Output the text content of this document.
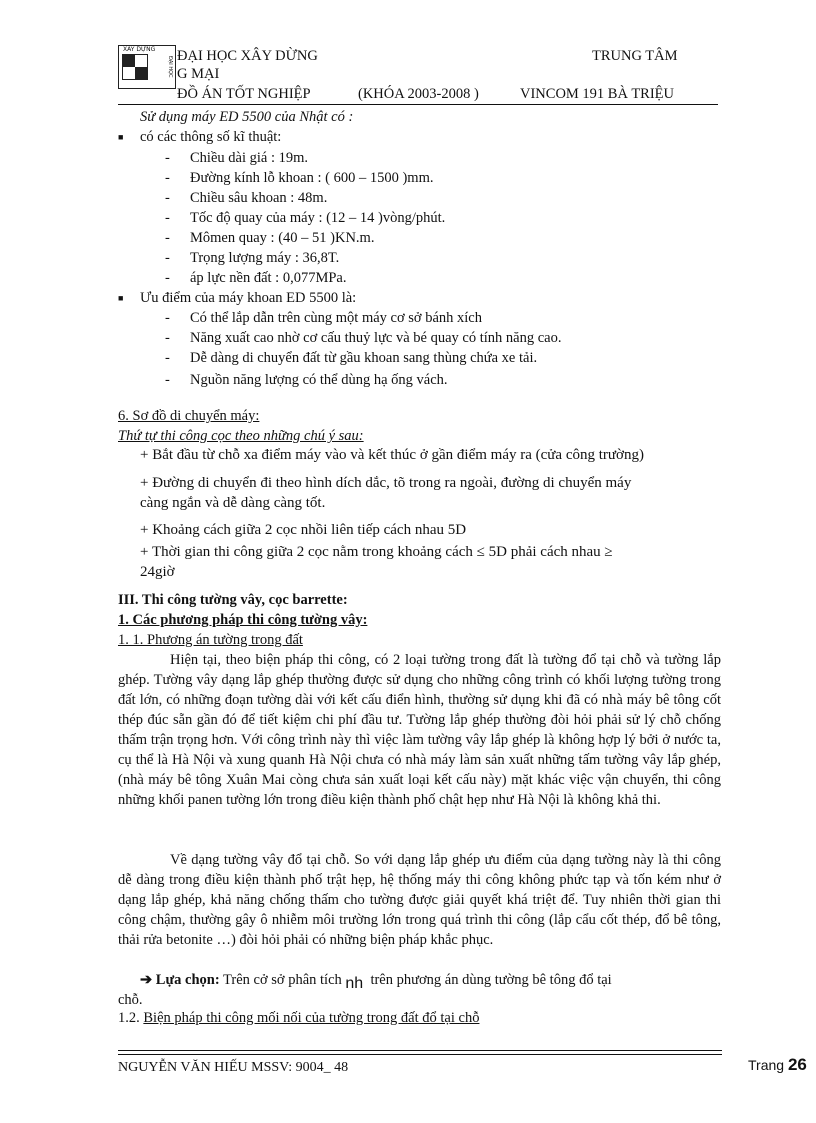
XÂY DỰNG
ĐẠI HỌC ĐẠI HỌC XÂY DỪNG	TRUNG TÂM
G MẠI
ĐỒ ÁN TỐT NGHIỆP	(KHÓA 2003-2008 )	VINCOM 191 BÀ TRIỆU
Sử dụng máy ED 5500 của Nhật có :
■ có các thông số kĩ thuật:
- Chiều dài giá : 19m.
- Đường kính lỗ khoan : ( 600 – 1500 )mm.
- Chiều sâu khoan : 48m.
- Tốc độ quay của máy : (12 – 14 )vòng/phút.
- Mômen quay : (40 – 51 )KN.m.
- Trọng lượng máy : 36,8T.
- áp lực nền đất : 0,077MPa.
■ Ưu điểm của máy khoan ED 5500 là:
- Có thể lắp dẫn trên cùng một máy cơ sở bánh xích
- Năng xuất cao nhờ cơ cấu thuỷ lực và bé quay có tính năng cao.
- Dễ dàng di chuyển đất từ gầu khoan sang thùng chứa xe tải.
- Nguồn năng lượng có thể dùng hạ ống vách.
6. Sơ đồ di chuyển máy:
Thứ tự thi công cọc theo những chú ý sau:
+ Bắt đầu từ chỗ xa điểm máy vào và kết thúc ở gần điểm máy ra (cửa công trường)
+ Đường di chuyển đi theo hình dích dắc, tõ trong ra ngoài, đường di chuyển máy
càng ngắn và dễ dàng càng tốt.
+ Khoảng cách giữa 2 cọc nhồi liên tiếp cách nhau 5D
+ Thời gian thi công giữa 2 cọc nằm trong khoảng cách ≤ 5D phải cách nhau ≥
24giờ
III. Thi công tường vây, cọc barrette:
1. Các phương pháp thi công tường vây:
1. 1. Phương án tường trong đất
Hiện tại, theo biện pháp thi công, có 2 loại tường trong đất là tường đổ tại chỗ và tường lắp ghép. Tường vây dạng lắp ghép thường được sử dụng cho những công trình có khối lượng tường trong đất lớn, có những đoạn tường dài với kết cấu điển hình, thường sử dụng khi đã có nhà máy bê tông cốt thép đúc sẵn gần đó để tiết kiệm chi phí đầu tư. Tường lắp ghép thường đòi hỏi phải sử lý chỗ chống thấm trận trọng hơn. Với công trình này thì việc làm tường vây lắp ghép là không hợp lý bởi ở nước ta, cụ thể là Hà Nội và xung quanh Hà Nội chưa có nhà máy làm sản xuất những tấm tường vây lắp ghép, (nhà máy bê tông Xuân Mai còng chưa sản xuất loại kết cấu này) mặt khác việc vận chuyển, thi công những khối panen tường lớn trong điều kiện thành phố chật hẹp như Hà Nội là không khả thi.
Về dạng tường vây đổ tại chỗ. So với dạng lắp ghép ưu điểm của dạng tường này là thi công dễ dàng trong điều kiện thành phố trật hẹp, hệ thống máy thi công không phức tạp và tốn kém như ở dạng lắp ghép, khả năng chống thấm cho tường được giải quyết khá triệt để. Tuy nhiên thời gian thi công chậm, thường gây ô nhiễm môi trường lớn trong quá trình thi công (lắp cẩu cốt thép, đổ bê tông, thải rửa betonite …) đòi hỏi phải có những biện pháp khắc phục.
➔ Lựa chọn: Trên cở sở phân tích nh trên phương án dùng tường bê tông đổ tại
chỗ.
1.2. Biện pháp thi công mối nối của tường trong đất đổ tại chỗ
NGUYỄN VĂN HIẾU MSSV: 9004_ 48	Trang 26
